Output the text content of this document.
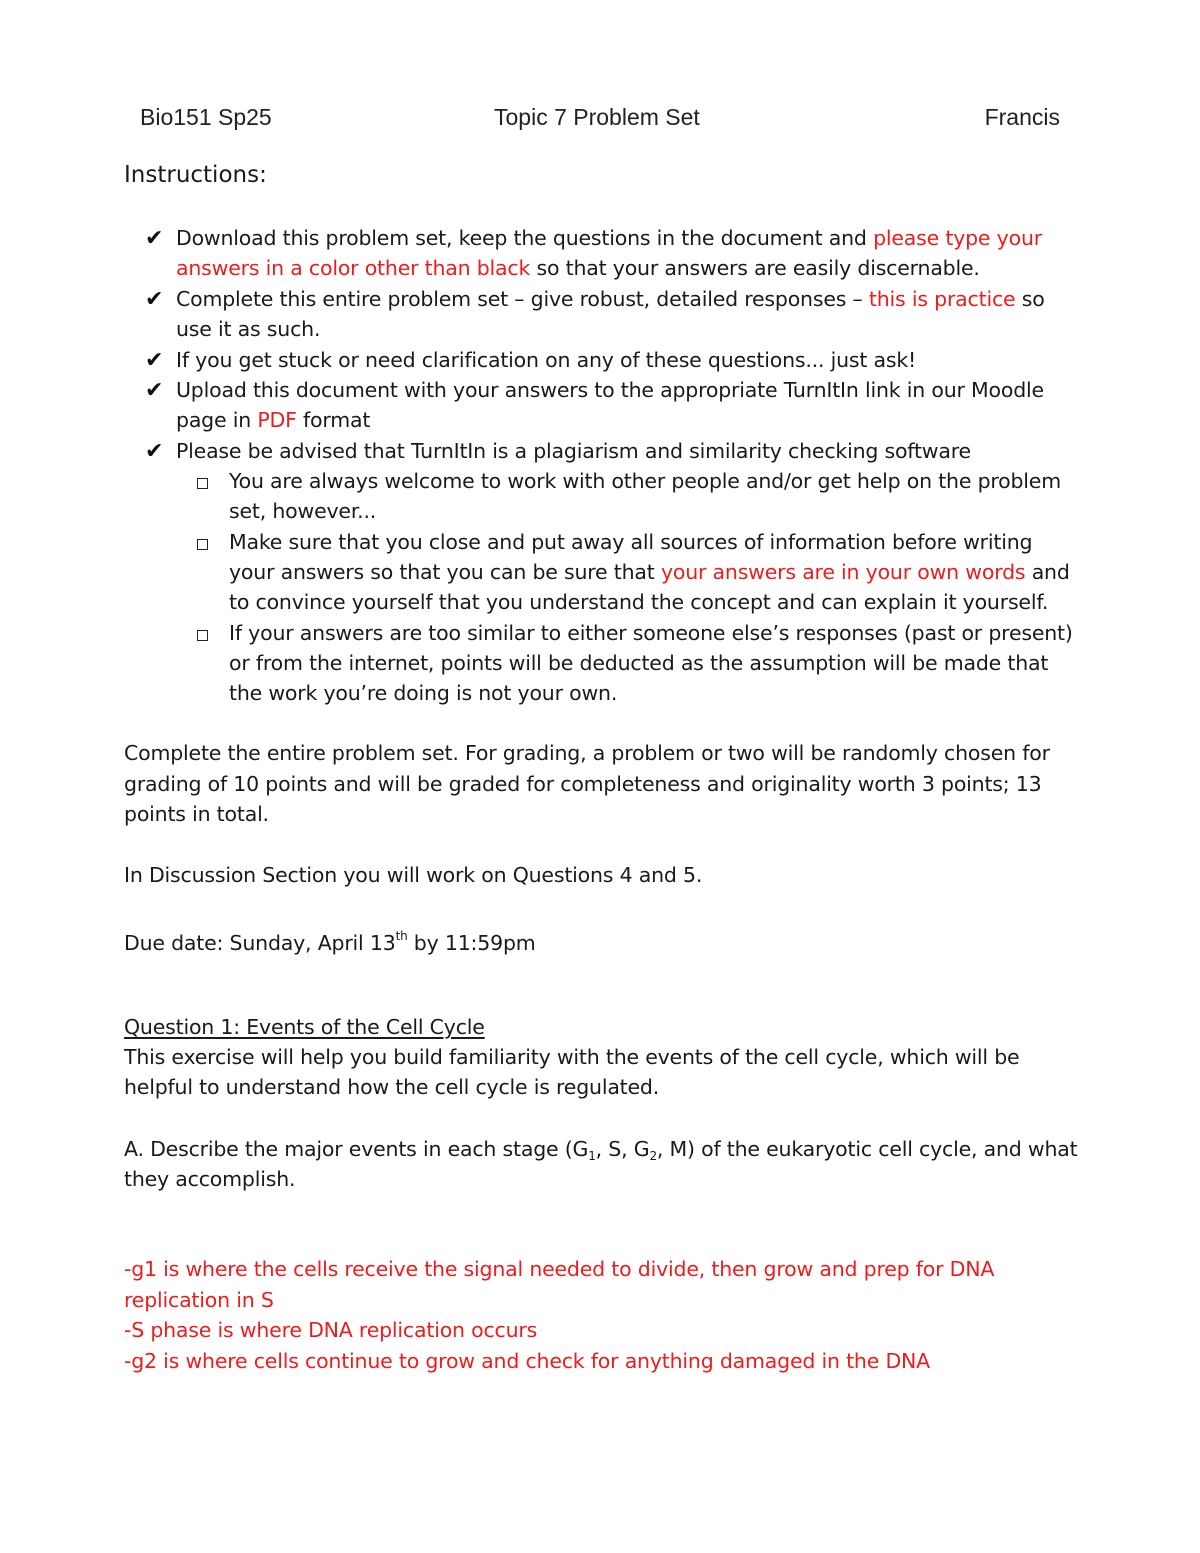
Bio151 Sp25	Topic 7 Problem Set	Francis
Instructions:
✔ Download this problem set, keep the questions in the document and please type your
answers in a color other than black so that your answers are easily discernable.
✔ Complete this entire problem set – give robust, detailed responses – this is practice so
use it as such.
✔ If you get stuck or need clarification on any of these questions... just ask!
✔ Upload this document with your answers to the appropriate TurnItIn link in our Moodle
page in PDF format
✔ Please be advised that TurnItIn is a plagiarism and similarity checking software
You are always welcome to work with other people and/or get help on the problem
set, however...
Make sure that you close and put away all sources of information before writing
your answers so that you can be sure that your answers are in your own words and
to convince yourself that you understand the concept and can explain it yourself.
If your answers are too similar to either someone else’s responses (past or present)
or from the internet, points will be deducted as the assumption will be made that
the work you’re doing is not your own.
Complete the entire problem set. For grading, a problem or two will be randomly chosen for
grading of 10 points and will be graded for completeness and originality worth 3 points; 13
points in total.
In Discussion Section you will work on Questions 4 and 5.
Due date: Sunday, April 13th by 11:59pm
Question 1: Events of the Cell Cycle
This exercise will help you build familiarity with the events of the cell cycle, which will be
helpful to understand how the cell cycle is regulated.
A. Describe the major events in each stage ($G_1$, S, $G_2$, M) of the eukaryotic cell cycle, and what
they accomplish.
-g1 is where the cells receive the signal needed to divide, then grow and prep for DNA
replication in S
-S phase is where DNA replication occurs
-g2 is where cells continue to grow and check for anything damaged in the DNA
